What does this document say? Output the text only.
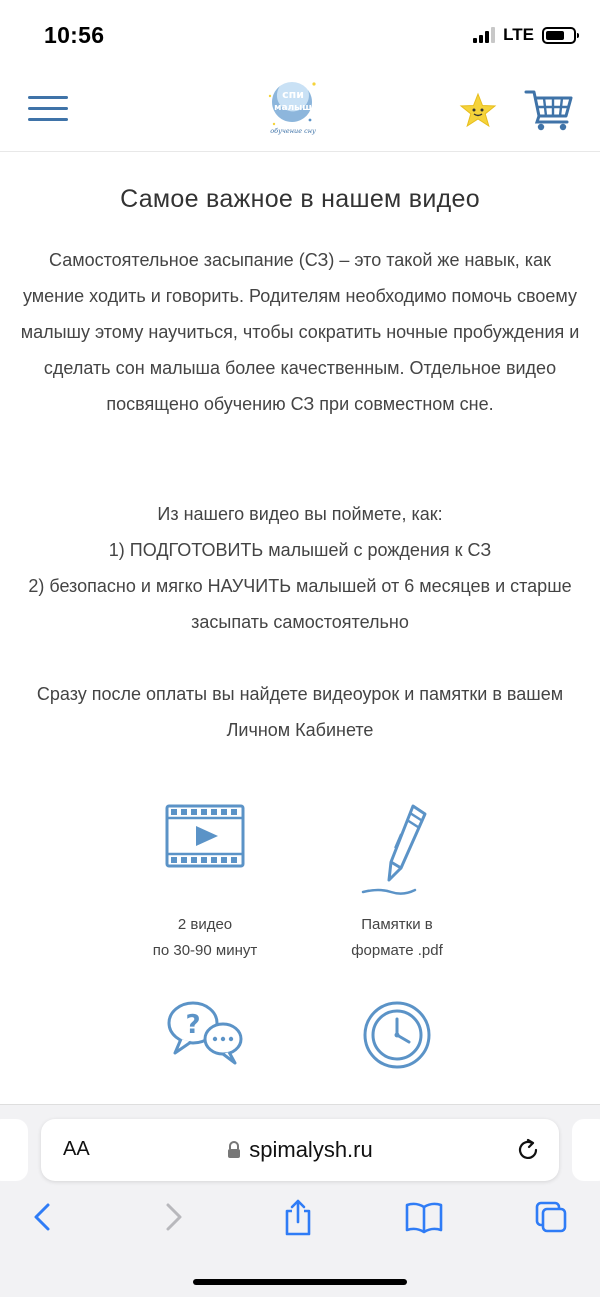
10:56	LTE
спи
малыш
обучение сну
Самое важное в нашем видео

Самостоятельное засыпание (СЗ) – это такой же навык, как умение ходить и говорить. Родителям необходимо помочь своему малышу этому научиться, чтобы сократить ночные пробуждения и сделать сон малыша более качественным. Отдельное видео посвящено обучению СЗ при совместном сне.

Из нашего видео вы поймете, как:
1) ПОДГОТОВИТЬ малышей с рождения к СЗ
2) безопасно и мягко НАУЧИТЬ малышей от 6 месяцев и старше засыпать самостоятельно

Сразу после оплаты вы найдете видеоурок и памятки в вашем Личном Кабинете

2 видео
по 30-90 минут
Памятки в
формате .pdf
?
AA	spimalysh.ru
